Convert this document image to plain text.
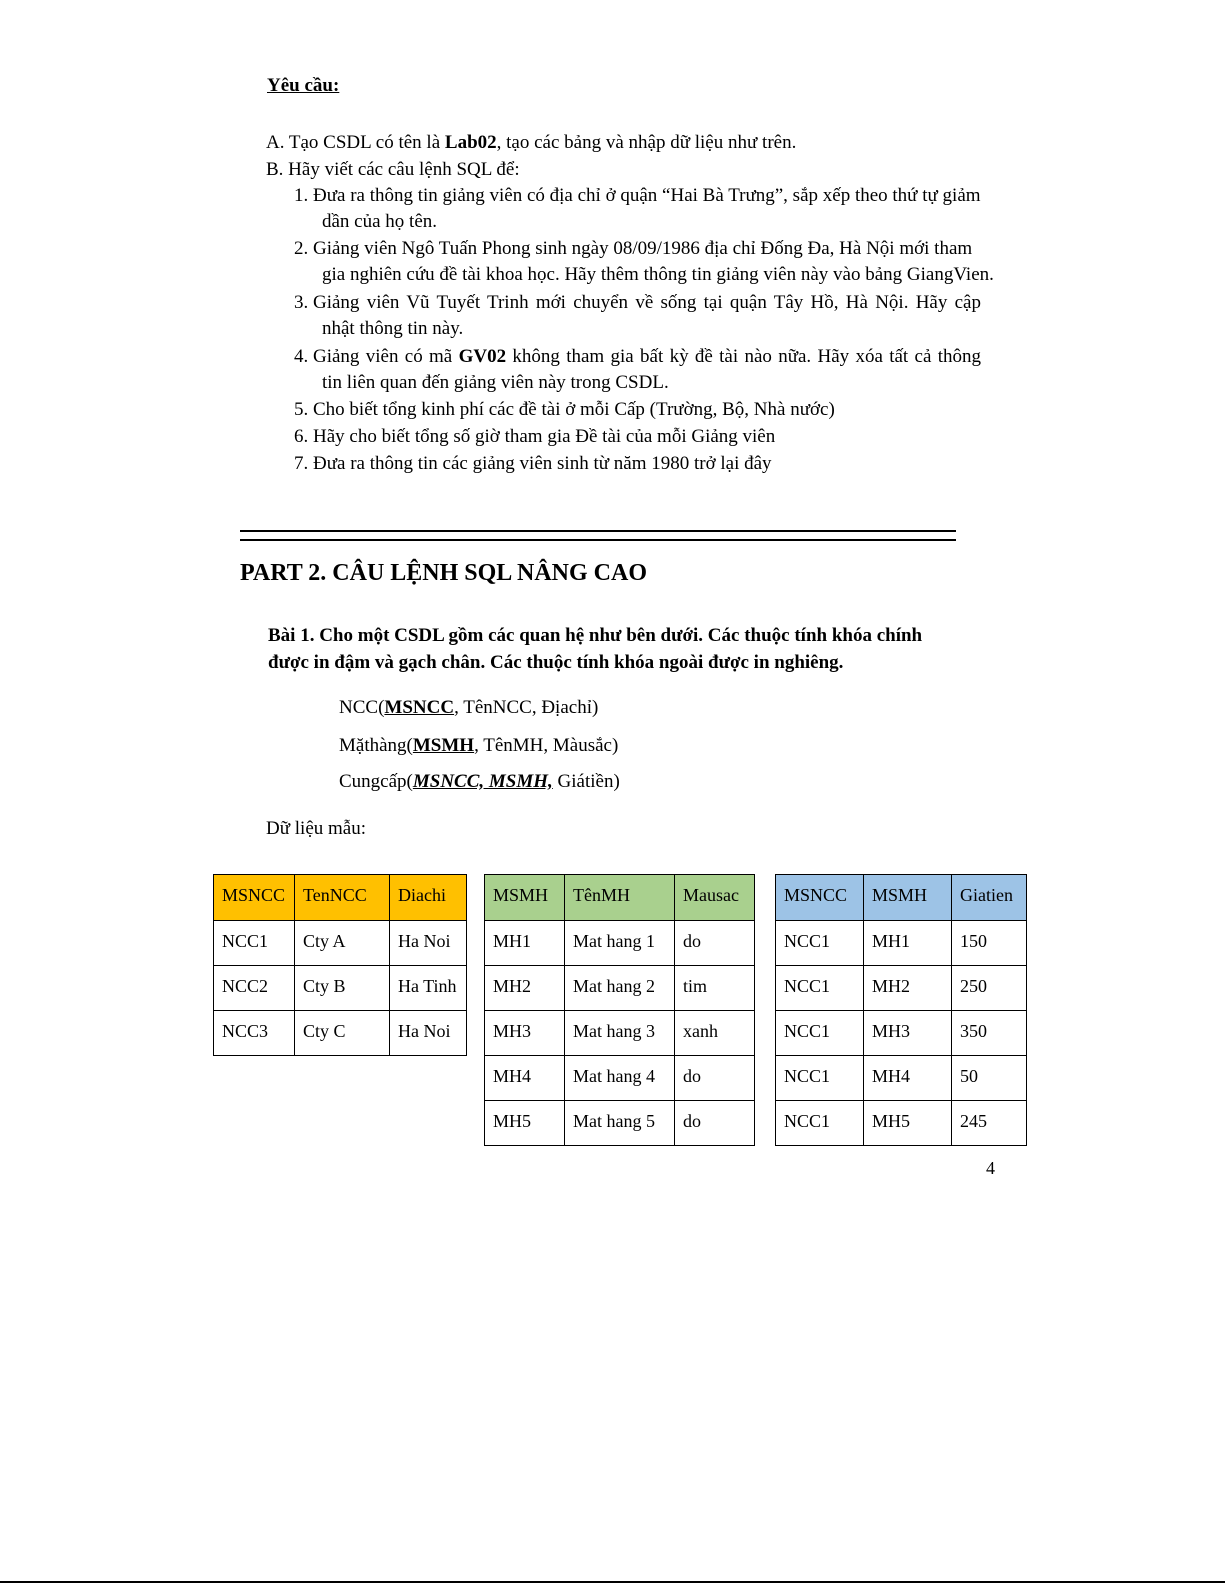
Yêu cầu:
A. Tạo CSDL có tên là Lab02, tạo các bảng và nhập dữ liệu như trên.
B. Hãy viết các câu lệnh SQL để:
1. Đưa ra thông tin giảng viên có địa chỉ ở quận “Hai Bà Trưng”, sắp xếp theo thứ tự giảm
dần của họ tên.
2. Giảng viên Ngô Tuấn Phong sinh ngày 08/09/1986 địa chỉ Đống Đa, Hà Nội mới tham
gia nghiên cứu đề tài khoa học. Hãy thêm thông tin giảng viên này vào bảng GiangVien.
3. Giảng viên Vũ Tuyết Trinh mới chuyển về sống tại quận Tây Hồ, Hà Nội. Hãy cập
nhật thông tin này.
4. Giảng viên có mã GV02 không tham gia bất kỳ đề tài nào nữa. Hãy xóa tất cả thông
tin liên quan đến giảng viên này trong CSDL.
5. Cho biết tổng kinh phí các đề tài ở mỗi Cấp (Trường, Bộ, Nhà nước)
6. Hãy cho biết tổng số giờ tham gia Đề tài của mỗi Giảng viên
7. Đưa ra thông tin các giảng viên sinh từ năm 1980 trở lại đây
PART 2. CÂU LỆNH SQL NÂNG CAO
Bài 1. Cho một CSDL gồm các quan hệ như bên dưới. Các thuộc tính khóa chính
được in đậm và gạch chân. Các thuộc tính khóa ngoài được in nghiêng.
NCC(MSNCC, TênNCC, Địachỉ)
Mặthàng(MSMH, TênMH, Màusắc)
Cungcấp(MSNCC, MSMH, Giátiền)
Dữ liệu mẫu:
MSNCC	TenNCC	Diachi
NCC1	Cty A	Ha Noi
NCC2	Cty B	Ha Tinh
NCC3	Cty C	Ha Noi
MSMH	TênMH	Mausac
MH1	Mat hang 1	do
MH2	Mat hang 2	tim
MH3	Mat hang 3	xanh
MH4	Mat hang 4	do
MH5	Mat hang 5	do
MSNCC	MSMH	Giatien
NCC1	MH1	150
NCC1	MH2	250
NCC1	MH3	350
NCC1	MH4	50
NCC1	MH5	245
4
